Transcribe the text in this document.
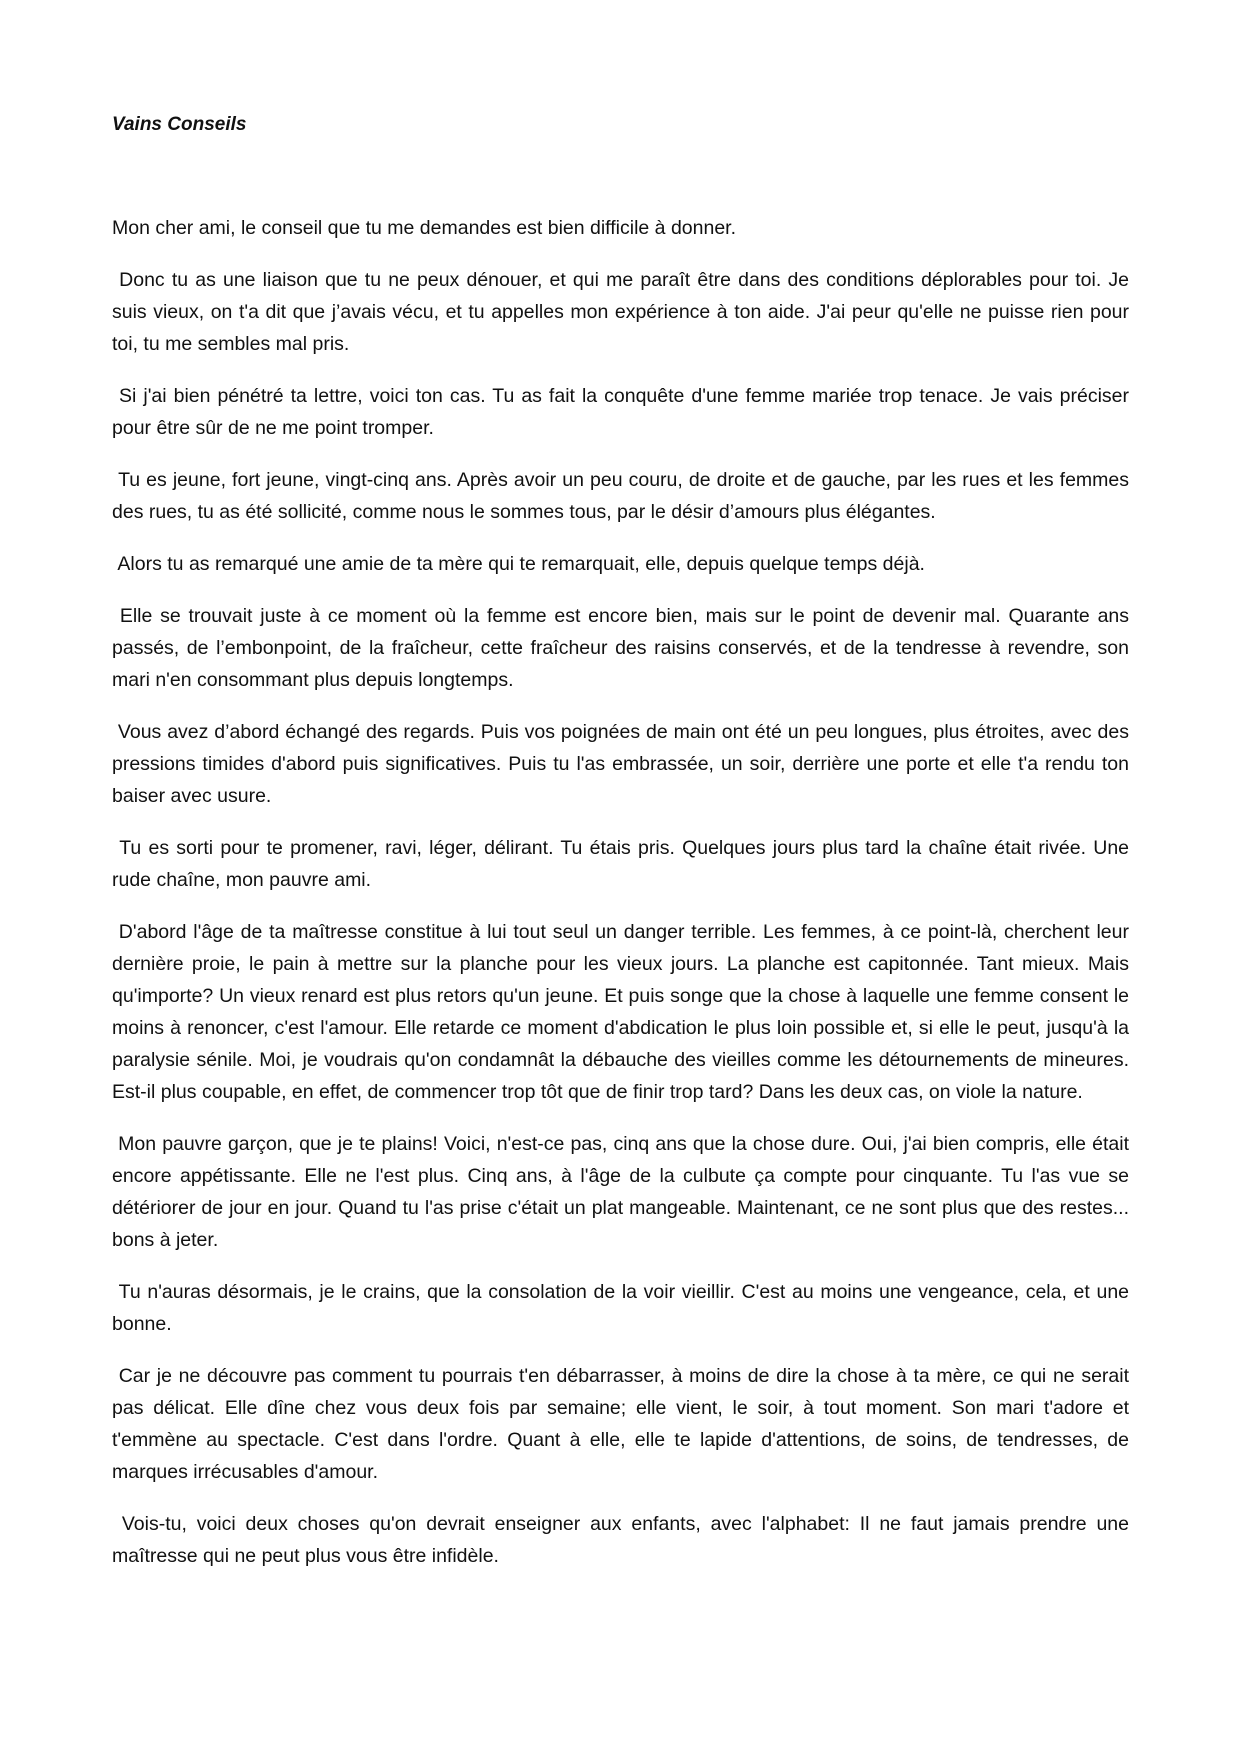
Vains Conseils

Mon cher ami, le conseil que tu me demandes est bien difficile à donner.

Donc tu as une liaison que tu ne peux dénouer, et qui me paraît être dans des conditions déplorables pour toi. Je suis vieux, on t'a dit que j’avais vécu, et tu appelles mon expérience à ton aide. J'ai peur qu'elle ne puisse rien pour toi, tu me sembles mal pris.

Si j'ai bien pénétré ta lettre, voici ton cas. Tu as fait la conquête d'une femme mariée trop tenace. Je vais préciser pour être sûr de ne me point tromper.

Tu es jeune, fort jeune, vingt-cinq ans. Après avoir un peu couru, de droite et de gauche, par les rues et les femmes des rues, tu as été sollicité, comme nous le sommes tous, par le désir d’amours plus élégantes.

Alors tu as remarqué une amie de ta mère qui te remarquait, elle, depuis quelque temps déjà.

Elle se trouvait juste à ce moment où la femme est encore bien, mais sur le point de devenir mal. Quarante ans passés, de l’embonpoint, de la fraîcheur, cette fraîcheur des raisins conservés, et de la tendresse à revendre, son mari n'en consommant plus depuis longtemps.

Vous avez d’abord échangé des regards. Puis vos poignées de main ont été un peu longues, plus étroites, avec des pressions timides d'abord puis significatives. Puis tu l'as embrassée, un soir, derrière une porte et elle t'a rendu ton baiser avec usure.

Tu es sorti pour te promener, ravi, léger, délirant. Tu étais pris. Quelques jours plus tard la chaîne était rivée. Une rude chaîne, mon pauvre ami.

D'abord l'âge de ta maîtresse constitue à lui tout seul un danger terrible. Les femmes, à ce point-là, cherchent leur dernière proie, le pain à mettre sur la planche pour les vieux jours. La planche est capitonnée. Tant mieux. Mais qu'importe? Un vieux renard est plus retors qu'un jeune. Et puis songe que la chose à laquelle une femme consent le moins à renoncer, c'est l'amour. Elle retarde ce moment d'abdication le plus loin possible et, si elle le peut, jusqu'à la paralysie sénile. Moi, je voudrais qu'on condamnât la débauche des vieilles comme les détournements de mineures. Est-il plus coupable, en effet, de commencer trop tôt que de finir trop tard? Dans les deux cas, on viole la nature.

Mon pauvre garçon, que je te plains! Voici, n'est-ce pas, cinq ans que la chose dure. Oui, j'ai bien compris, elle était encore appétissante. Elle ne l'est plus. Cinq ans, à l'âge de la culbute ça compte pour cinquante. Tu l'as vue se détériorer de jour en jour. Quand tu l'as prise c'était un plat mangeable. Maintenant, ce ne sont plus que des restes... bons à jeter.

Tu n'auras désormais, je le crains, que la consolation de la voir vieillir. C'est au moins une vengeance, cela, et une bonne.

Car je ne découvre pas comment tu pourrais t'en débarrasser, à moins de dire la chose à ta mère, ce qui ne serait pas délicat. Elle dîne chez vous deux fois par semaine; elle vient, le soir, à tout moment. Son mari t'adore et t'emmène au spectacle. C'est dans l'ordre. Quant à elle, elle te lapide d'attentions, de soins, de tendresses, de marques irrécusables d'amour.

Vois-tu, voici deux choses qu'on devrait enseigner aux enfants, avec l'alphabet: Il ne faut jamais prendre une maîtresse qui ne peut plus vous être infidèle.
